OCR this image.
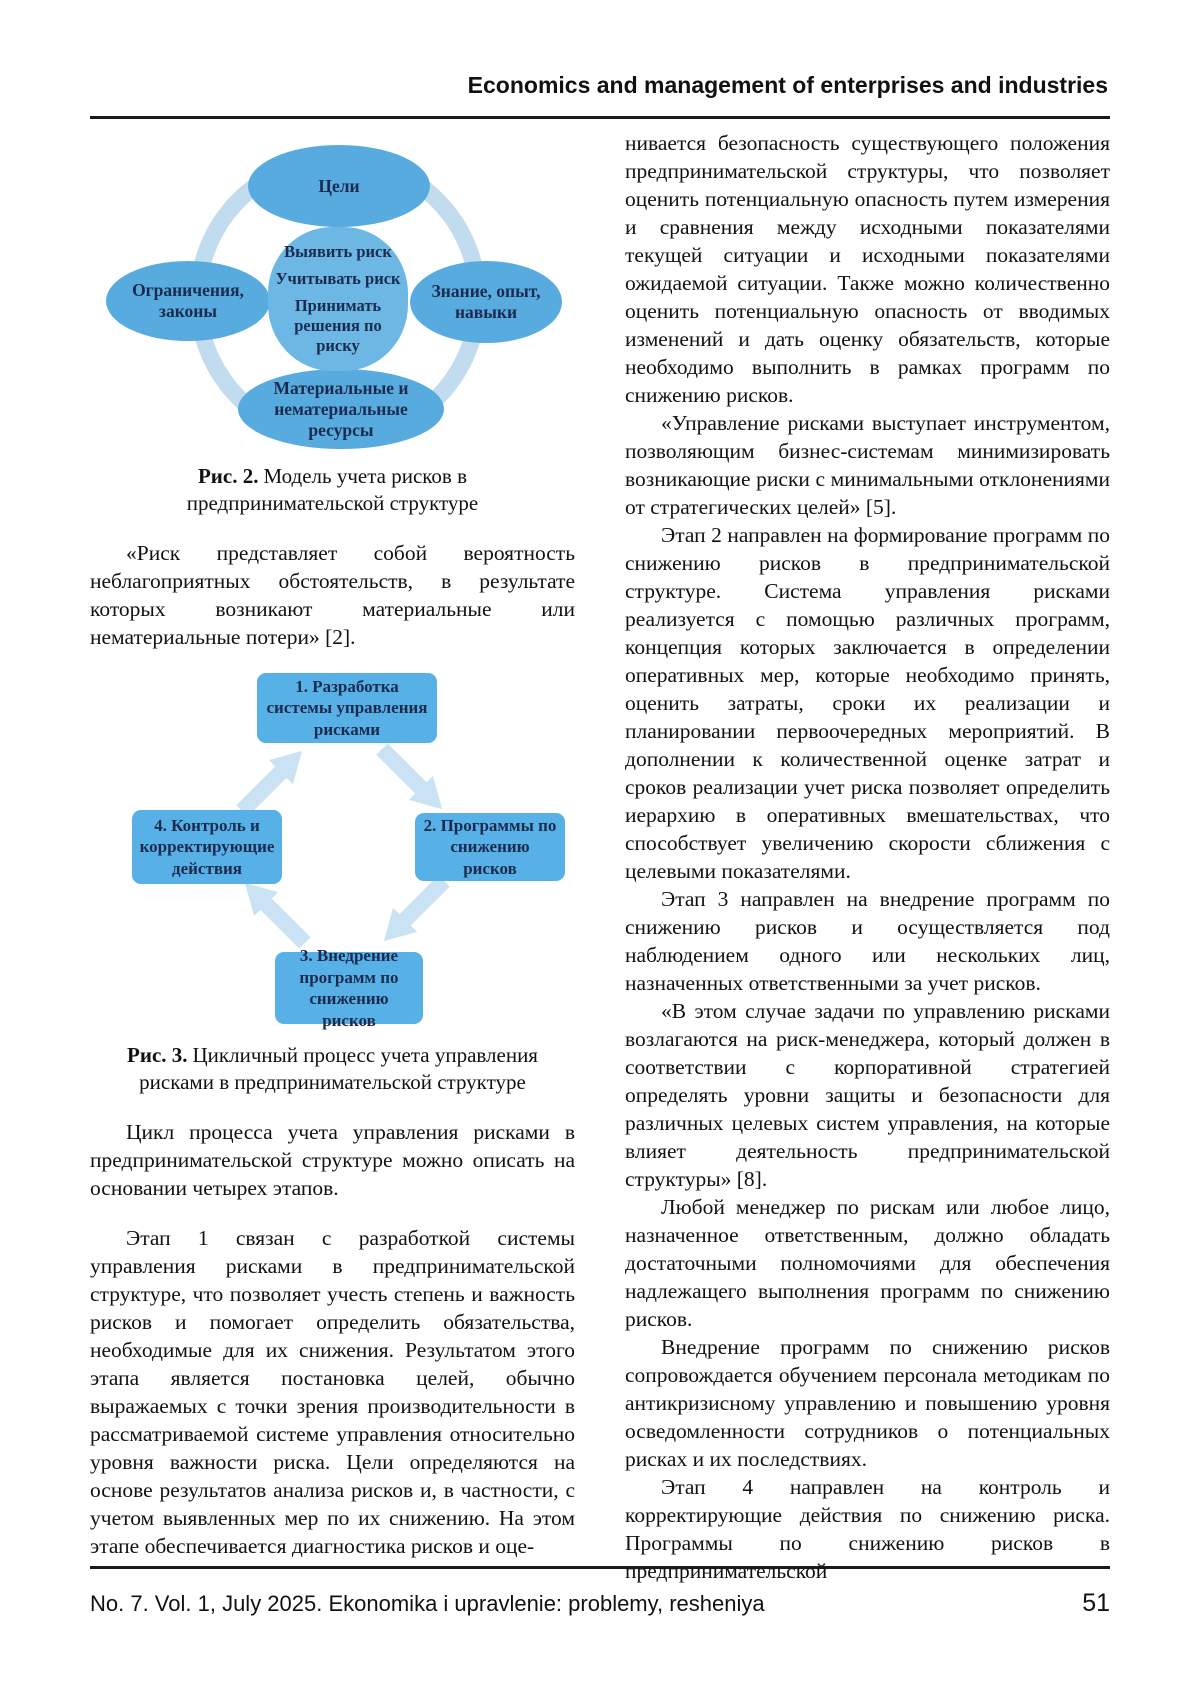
Economics and management of enterprises and industries
Цели
Ограничения, законы
Знание, опыт, навыки
Материальные и нематериальные ресурсы
Выявить риск
Учитывать риск
Принимать решения по риску

Рис. 2. Модель учета рисков в предпринимательской структуре

«Риск представляет собой вероятность неблагоприятных обстоятельств, в результате которых возникают материальные или нематериальные потери» [2].

1. Разработка системы управления рисками
2. Программы по снижению рисков
3. Внедрение программ по снижению рисков
4. Контроль и корректирующие действия

Рис. 3. Цикличный процесс учета управления рисками в предпринимательской структуре

Цикл процесса учета управления рисками в предпринимательской структуре можно описать на основании четырех этапов.

Этап 1 связан с разработкой системы управления рисками в предпринимательской структуре, что позволяет учесть степень и важность рисков и помогает определить обязательства, необходимые для их снижения. Результатом этого этапа является постановка целей, обычно выражаемых с точки зрения производительности в рассматриваемой системе управления относительно уровня важности риска. Цели определяются на основе результатов анализа рисков и, в частности, с учетом выявленных мер по их снижению. На этом этапе обеспечивается диагностика рисков и оце-

нивается безопасность существующего положения предпринимательской структуры, что позволяет оценить потенциальную опасность путем измерения и сравнения между исходными показателями текущей ситуации и исходными показателями ожидаемой ситуации. Также можно количественно оценить потенциальную опасность от вводимых изменений и дать оценку обязательств, которые необходимо выполнить в рамках программ по снижению рисков.

«Управление рисками выступает инструментом, позволяющим бизнес-системам минимизировать возникающие риски с минимальными отклонениями от стратегических целей» [5].

Этап 2 направлен на формирование программ по снижению рисков в предпринимательской структуре. Система управления рисками реализуется с помощью различных программ, концепция которых заключается в определении оперативных мер, которые необходимо принять, оценить затраты, сроки их реализации и планировании первоочередных мероприятий. В дополнении к количественной оценке затрат и сроков реализации учет риска позволяет определить иерархию в оперативных вмешательствах, что способствует увеличению скорости сближения с целевыми показателями.

Этап 3 направлен на внедрение программ по снижению рисков и осуществляется под наблюдением одного или нескольких лиц, назначенных ответственными за учет рисков.

«В этом случае задачи по управлению рисками возлагаются на риск-менеджера, который должен в соответствии с корпоративной стратегией определять уровни защиты и безопасности для различных целевых систем управления, на которые влияет деятельность предпринимательской структуры» [8].

Любой менеджер по рискам или любое лицо, назначенное ответственным, должно обладать достаточными полномочиями для обеспечения надлежащего выполнения программ по снижению рисков.

Внедрение программ по снижению рисков сопровождается обучением персонала методикам по антикризисному управлению и повышению уровня осведомленности сотрудников о потенциальных рисках и их последствиях.

Этап 4 направлен на контроль и корректирующие действия по снижению риска. Программы по снижению рисков в предпринимательской

No. 7. Vol. 1, July 2025. Ekonomika i upravlenie: problemy, resheniya	51
